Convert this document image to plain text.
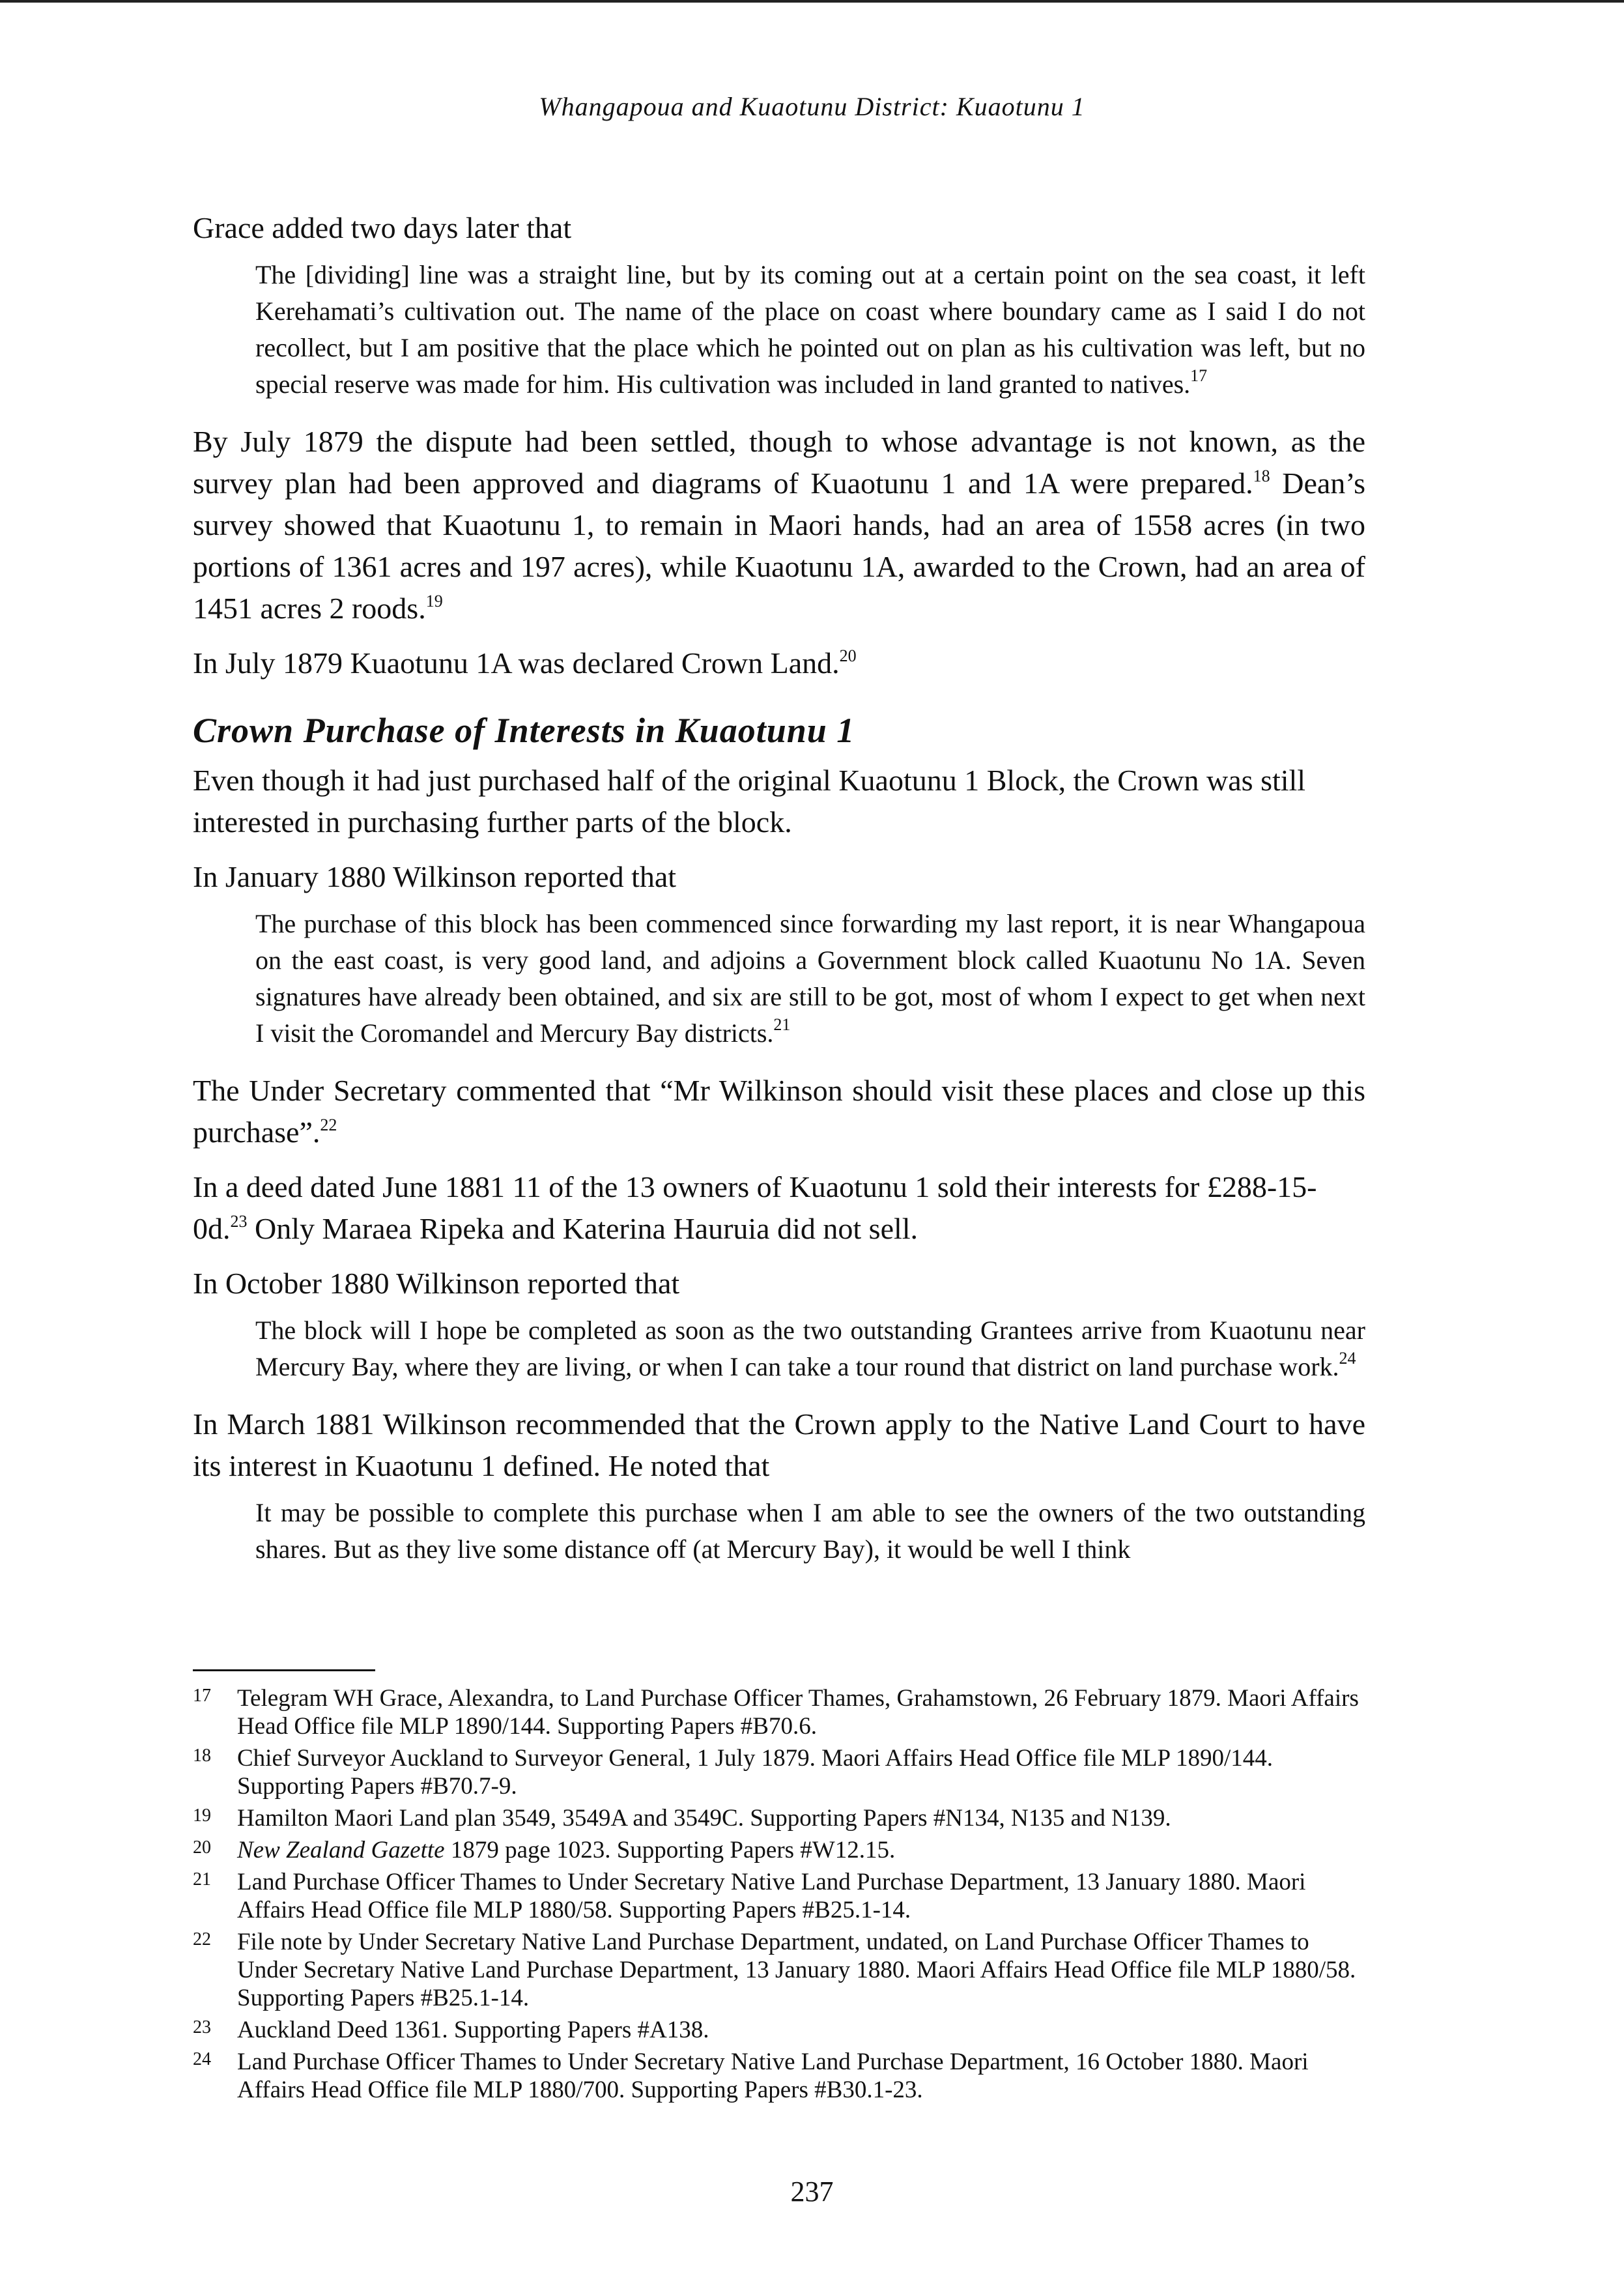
Whangapoua and Kuaotunu District: Kuaotunu 1

Grace added two days later that

The [dividing] line was a straight line, but by its coming out at a certain point on the sea coast, it left Kerehamati’s cultivation out. The name of the place on coast where boundary came as I said I do not recollect, but I am positive that the place which he pointed out on plan as his cultivation was left, but no special reserve was made for him. His cultivation was included in land granted to natives.$^{17}$

By July 1879 the dispute had been settled, though to whose advantage is not known, as the survey plan had been approved and diagrams of Kuaotunu 1 and 1A were prepared.$^{18}$ Dean’s survey showed that Kuaotunu 1, to remain in Maori hands, had an area of 1558 acres (in two portions of 1361 acres and 197 acres), while Kuaotunu 1A, awarded to the Crown, had an area of 1451 acres 2 roods.$^{19}$

In July 1879 Kuaotunu 1A was declared Crown Land.$^{20}$

Crown Purchase of Interests in Kuaotunu 1

Even though it had just purchased half of the original Kuaotunu 1 Block, the Crown was still interested in purchasing further parts of the block.

In January 1880 Wilkinson reported that

The purchase of this block has been commenced since forwarding my last report, it is near Whangapoua on the east coast, is very good land, and adjoins a Government block called Kuaotunu No 1A. Seven signatures have already been obtained, and six are still to be got, most of whom I expect to get when next I visit the Coromandel and Mercury Bay districts.$^{21}$

The Under Secretary commented that “Mr Wilkinson should visit these places and close up this purchase”.$^{22}$

In a deed dated June 1881 11 of the 13 owners of Kuaotunu 1 sold their interests for £288-15-0d.$^{23}$ Only Maraea Ripeka and Katerina Hauruia did not sell.

In October 1880 Wilkinson reported that

The block will I hope be completed as soon as the two outstanding Grantees arrive from Kuaotunu near Mercury Bay, where they are living, or when I can take a tour round that district on land purchase work.$^{24}$

In March 1881 Wilkinson recommended that the Crown apply to the Native Land Court to have its interest in Kuaotunu 1 defined. He noted that

It may be possible to complete this purchase when I am able to see the owners of the two outstanding shares. But as they live some distance off (at Mercury Bay), it would be well I think

17	Telegram WH Grace, Alexandra, to Land Purchase Officer Thames, Grahamstown, 26 February 1879. Maori Affairs Head Office file MLP 1890/144. Supporting Papers #B70.6.
18	Chief Surveyor Auckland to Surveyor General, 1 July 1879. Maori Affairs Head Office file MLP 1890/144. Supporting Papers #B70.7-9.
19	Hamilton Maori Land plan 3549, 3549A and 3549C. Supporting Papers #N134, N135 and N139.
20	New Zealand Gazette 1879 page 1023. Supporting Papers #W12.15.
21	Land Purchase Officer Thames to Under Secretary Native Land Purchase Department, 13 January 1880. Maori Affairs Head Office file MLP 1880/58. Supporting Papers #B25.1-14.
22	File note by Under Secretary Native Land Purchase Department, undated, on Land Purchase Officer Thames to Under Secretary Native Land Purchase Department, 13 January 1880. Maori Affairs Head Office file MLP 1880/58. Supporting Papers #B25.1-14.
23	Auckland Deed 1361. Supporting Papers #A138.
24	Land Purchase Officer Thames to Under Secretary Native Land Purchase Department, 16 October 1880. Maori Affairs Head Office file MLP 1880/700. Supporting Papers #B30.1-23.
237
